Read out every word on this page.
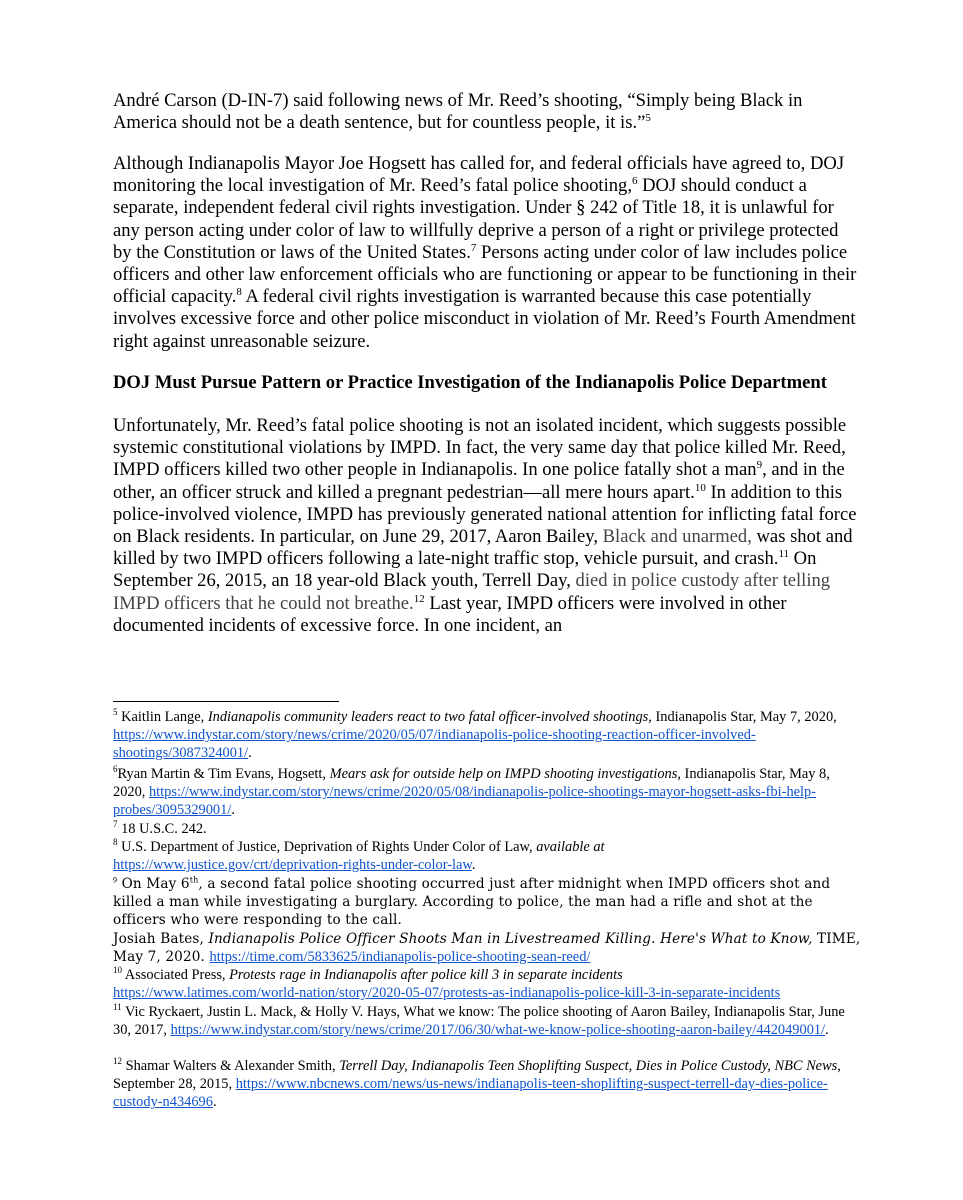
André Carson (D-IN-7) said following news of Mr. Reed’s shooting, “Simply being Black in America should not be a death sentence, but for countless people, it is.”$^5$

Although Indianapolis Mayor Joe Hogsett has called for, and federal officials have agreed to, DOJ monitoring the local investigation of Mr. Reed’s fatal police shooting,$^6$ DOJ should conduct a separate, independent federal civil rights investigation. Under § 242 of Title 18, it is unlawful for any person acting under color of law to willfully deprive a person of a right or privilege protected by the Constitution or laws of the United States.$^7$ Persons acting under color of law includes police officers and other law enforcement officials who are functioning or appear to be functioning in their official capacity.$^8$ A federal civil rights investigation is warranted because this case potentially involves excessive force and other police misconduct in violation of Mr. Reed’s Fourth Amendment right against unreasonable seizure.

DOJ Must Pursue Pattern or Practice Investigation of the Indianapolis Police Department

Unfortunately, Mr. Reed’s fatal police shooting is not an isolated incident, which suggests possible systemic constitutional violations by IMPD. In fact, the very same day that police killed Mr. Reed, IMPD officers killed two other people in Indianapolis. In one police fatally shot a man$^9$, and in the other, an officer struck and killed a pregnant pedestrian—all mere hours apart.$^{10}$ In addition to this police-involved violence, IMPD has previously generated national attention for inflicting fatal force on Black residents. In particular, on June 29, 2017, Aaron Bailey, Black and unarmed, was shot and killed by two IMPD officers following a late-night traffic stop, vehicle pursuit, and crash.$^{11}$ On September 26, 2015, an 18 year-old Black youth, Terrell Day, died in police custody after telling IMPD officers that he could not breathe.$^{12}$ Last year, IMPD officers were involved in other documented incidents of excessive force. In one incident, an

$^5$ Kaitlin Lange, Indianapolis community leaders react to two fatal officer-involved shootings, Indianapolis Star, May 7, 2020, https://www.indystar.com/story/news/crime/2020/05/07/indianapolis-police-shooting-reaction-officer-involved-shootings/3087324001/.

$^6$Ryan Martin & Tim Evans, Hogsett, Mears ask for outside help on IMPD shooting investigations, Indianapolis Star, May 8, 2020, https://www.indystar.com/story/news/crime/2020/05/08/indianapolis-police-shootings-mayor-hogsett-asks-fbi-help-probes/3095329001/.

$^7$ 18 U.S.C. 242.

$^8$ U.S. Department of Justice, Deprivation of Rights Under Color of Law, available at
https://www.justice.gov/crt/deprivation-rights-under-color-law.

$^9$ On May 6th, a second fatal police shooting occurred just after midnight when IMPD officers shot and killed a man while investigating a burglary. According to police, the man had a rifle and shot at the officers who were responding to the call.
Josiah Bates, Indianapolis Police Officer Shoots Man in Livestreamed Killing. Here's What to Know, TIME, May 7, 2020. https://time.com/5833625/indianapolis-police-shooting-sean-reed/

$^{10}$ Associated Press, Protests rage in Indianapolis after police kill 3 in separate incidents
https://www.latimes.com/world-nation/story/2020-05-07/protests-as-indianapolis-police-kill-3-in-separate-incidents

$^{11}$ Vic Ryckaert, Justin L. Mack, & Holly V. Hays, What we know: The police shooting of Aaron Bailey, Indianapolis Star, June 30, 2017, https://www.indystar.com/story/news/crime/2017/06/30/what-we-know-police-shooting-aaron-bailey/442049001/.

$^{12}$ Shamar Walters & Alexander Smith, Terrell Day, Indianapolis Teen Shoplifting Suspect, Dies in Police Custody, NBC News, September 28, 2015, https://www.nbcnews.com/news/us-news/indianapolis-teen-shoplifting-suspect-terrell-day-dies-police-custody-n434696.
